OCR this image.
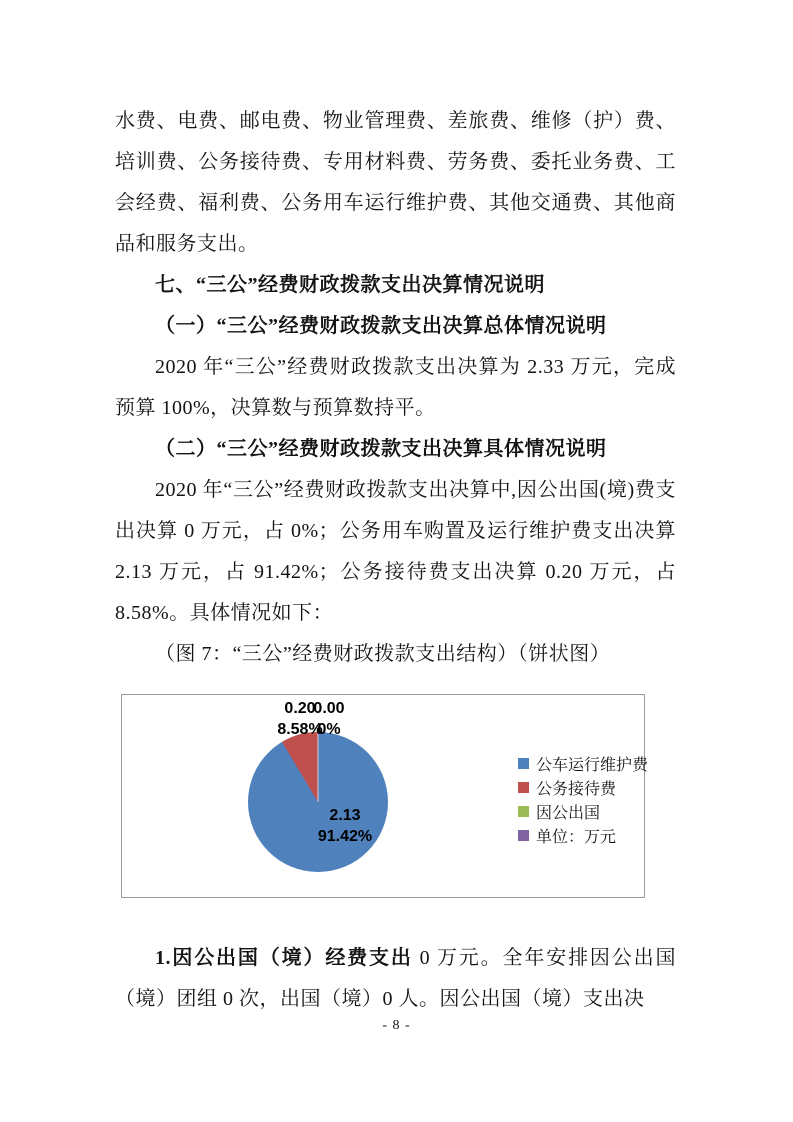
水费、电费、邮电费、物业管理费、差旅费、维修（护）费、培训费、公务接待费、专用材料费、劳务费、委托业务费、工会经费、福利费、公务用车运行维护费、其他交通费、其他商品和服务支出。

七、“三公”经费财政拨款支出决算情况说明
（一）“三公”经费财政拨款支出决算总体情况说明

2020 年“三公”经费财政拨款支出决算为 2.33 万元，完成预算 100%，决算数与预算数持平。

（二）“三公”经费财政拨款支出决算具体情况说明

2020 年“三公”经费财政拨款支出决算中,因公出国(境)费支出决算 0 万元，占 0%；公务用车购置及运行维护费支出决算 2.13 万元，占 91.42%；公务接待费支出决算 0.20 万元，占 8.58%。具体情况如下：

（图 7：“三公”经费财政拨款支出结构）（饼状图）

0.20
8.58%
0.00
0%
2.13
91.42%
公车运行维护费
公务接待费
因公出国
单位：万元

1.因公出国（境）经费支出 0 万元。全年安排因公出国（境）团组 0 次，出国（境）0 人。因公出国（境）支出决

- 8 -
